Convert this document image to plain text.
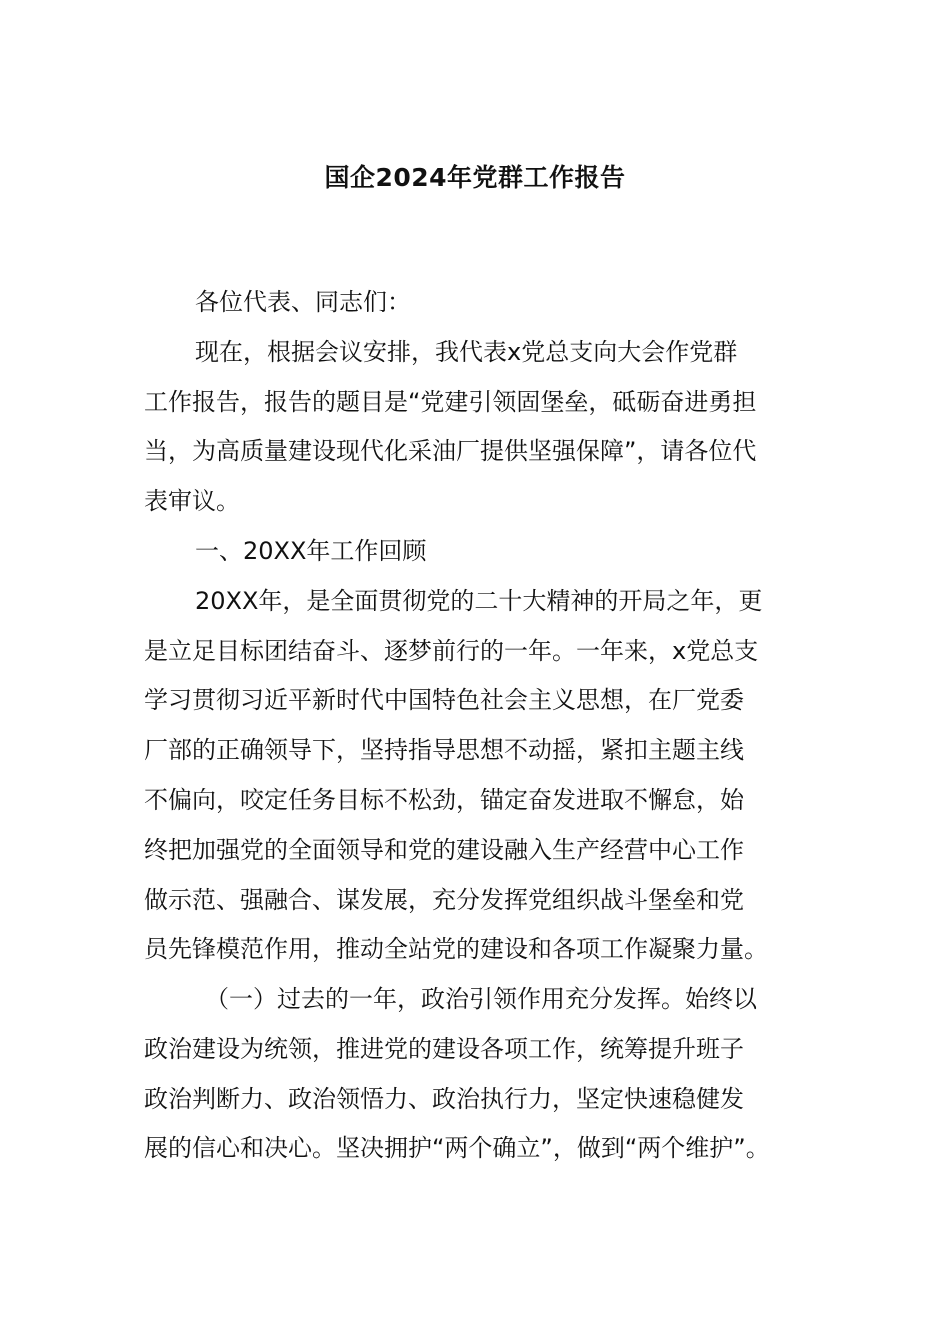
国企2024年党群工作报告
各位代表、同志们：
现在，根据会议安排，我代表x党总支向大会作党群
工作报告，报告的题目是“党建引领固堡垒，砥砺奋进勇担
当，为高质量建设现代化采油厂提供坚强保障”，请各位代
表审议。
一、20XX年工作回顾
20XX年，是全面贯彻党的二十大精神的开局之年，更
是立足目标团结奋斗、逐梦前行的一年。一年来，x党总支
学习贯彻习近平新时代中国特色社会主义思想，在厂党委
厂部的正确领导下，坚持指导思想不动摇，紧扣主题主线
不偏向，咬定任务目标不松劲，锚定奋发进取不懈怠，始
终把加强党的全面领导和党的建设融入生产经营中心工作
做示范、强融合、谋发展，充分发挥党组织战斗堡垒和党
员先锋模范作用，推动全站党的建设和各项工作凝聚力量。
（一）过去的一年，政治引领作用充分发挥。始终以
政治建设为统领，推进党的建设各项工作，统筹提升班子
政治判断力、政治领悟力、政治执行力，坚定快速稳健发
展的信心和决心。坚决拥护“两个确立”，做到“两个维护”。
